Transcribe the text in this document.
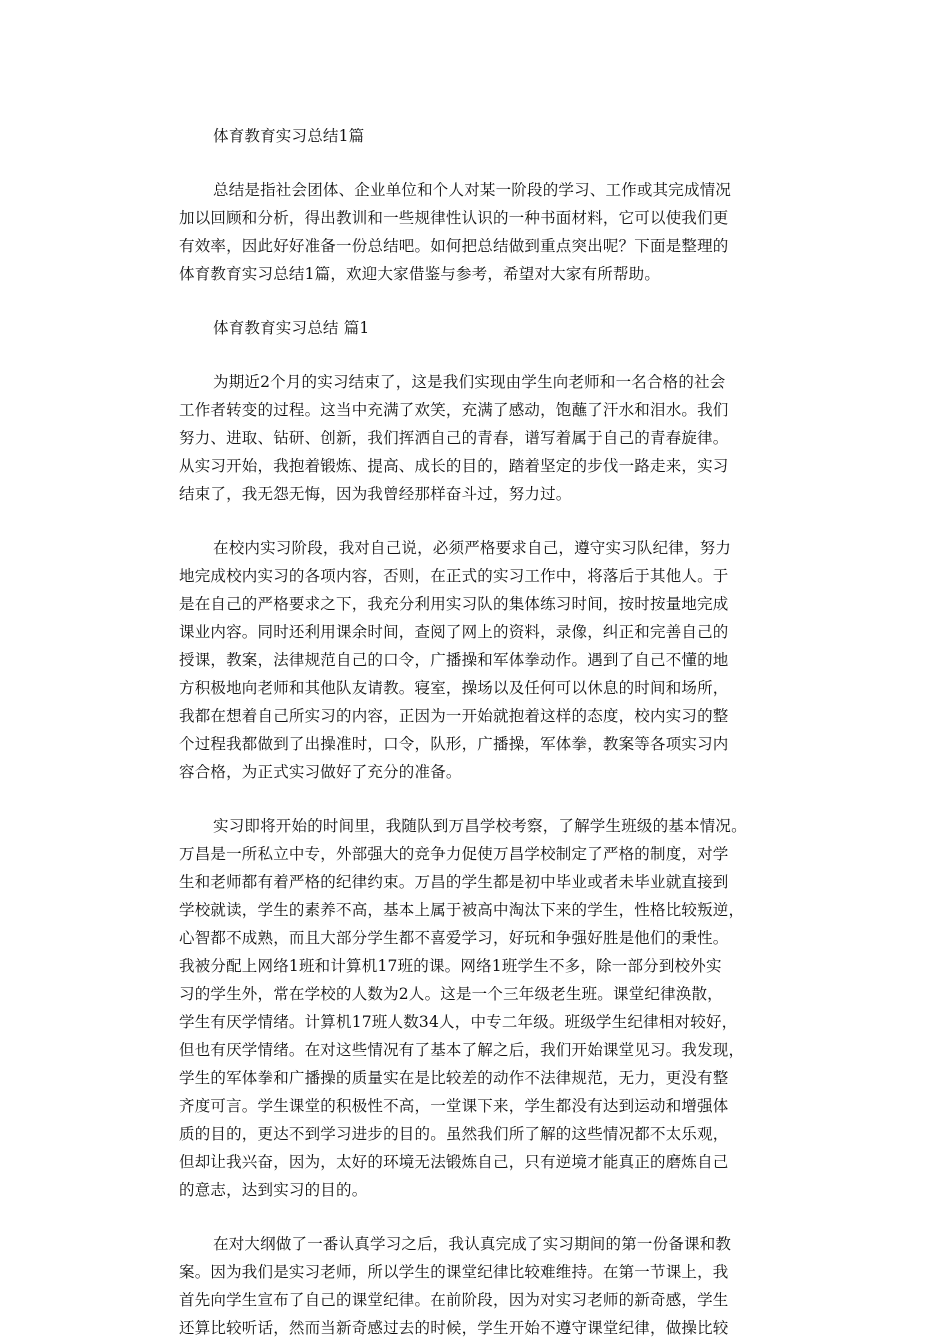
体育教育实习总结1篇
总结是指社会团体、企业单位和个人对某一阶段的学习、工作或其完成情况
加以回顾和分析，得出教训和一些规律性认识的一种书面材料，它可以使我们更
有效率，因此好好准备一份总结吧。如何把总结做到重点突出呢？下面是整理的
体育教育实习总结1篇，欢迎大家借鉴与参考，希望对大家有所帮助。
体育教育实习总结 篇1
为期近2个月的实习结束了，这是我们实现由学生向老师和一名合格的社会
工作者转变的过程。这当中充满了欢笑，充满了感动，饱蘸了汗水和泪水。我们
努力、进取、钻研、创新，我们挥洒自己的青春，谱写着属于自己的青春旋律。
从实习开始，我抱着锻炼、提高、成长的目的，踏着坚定的步伐一路走来，实习
结束了，我无怨无悔，因为我曾经那样奋斗过，努力过。
在校内实习阶段，我对自己说，必须严格要求自己，遵守实习队纪律，努力
地完成校内实习的各项内容，否则，在正式的实习工作中，将落后于其他人。于
是在自己的严格要求之下，我充分利用实习队的集体练习时间，按时按量地完成
课业内容。同时还利用课余时间，查阅了网上的资料，录像，纠正和完善自己的
授课，教案，法律规范自己的口令，广播操和军体拳动作。遇到了自己不懂的地
方积极地向老师和其他队友请教。寝室，操场以及任何可以休息的时间和场所，
我都在想着自己所实习的内容，正因为一开始就抱着这样的态度，校内实习的整
个过程我都做到了出操准时，口令，队形，广播操，军体拳，教案等各项实习内
容合格，为正式实习做好了充分的准备。
实习即将开始的时间里，我随队到万昌学校考察，了解学生班级的基本情况。
万昌是一所私立中专，外部强大的竞争力促使万昌学校制定了严格的制度，对学
生和老师都有着严格的纪律约束。万昌的学生都是初中毕业或者未毕业就直接到
学校就读，学生的素养不高，基本上属于被高中淘汰下来的学生，性格比较叛逆，
心智都不成熟，而且大部分学生都不喜爱学习，好玩和争强好胜是他们的秉性。
我被分配上网络1班和计算机17班的课。网络1班学生不多，除一部分到校外实
习的学生外，常在学校的人数为2人。这是一个三年级老生班。课堂纪律涣散，
学生有厌学情绪。计算机17班人数34人，中专二年级。班级学生纪律相对较好，
但也有厌学情绪。在对这些情况有了基本了解之后，我们开始课堂见习。我发现，
学生的军体拳和广播操的质量实在是比较差的动作不法律规范，无力，更没有整
齐度可言。学生课堂的积极性不高，一堂课下来，学生都没有达到运动和增强体
质的目的，更达不到学习进步的目的。虽然我们所了解的这些情况都不太乐观，
但却让我兴奋，因为，太好的环境无法锻炼自己，只有逆境才能真正的磨炼自己
的意志，达到实习的目的。
在对大纲做了一番认真学习之后，我认真完成了实习期间的第一份备课和教
案。因为我们是实习老师，所以学生的课堂纪律比较难维持。在第一节课上，我
首先向学生宣布了自己的课堂纪律。在前阶段，因为对实习老师的新奇感，学生
还算比较听话，然而当新奇感过去的时候，学生开始不遵守课堂纪律，做操比较
